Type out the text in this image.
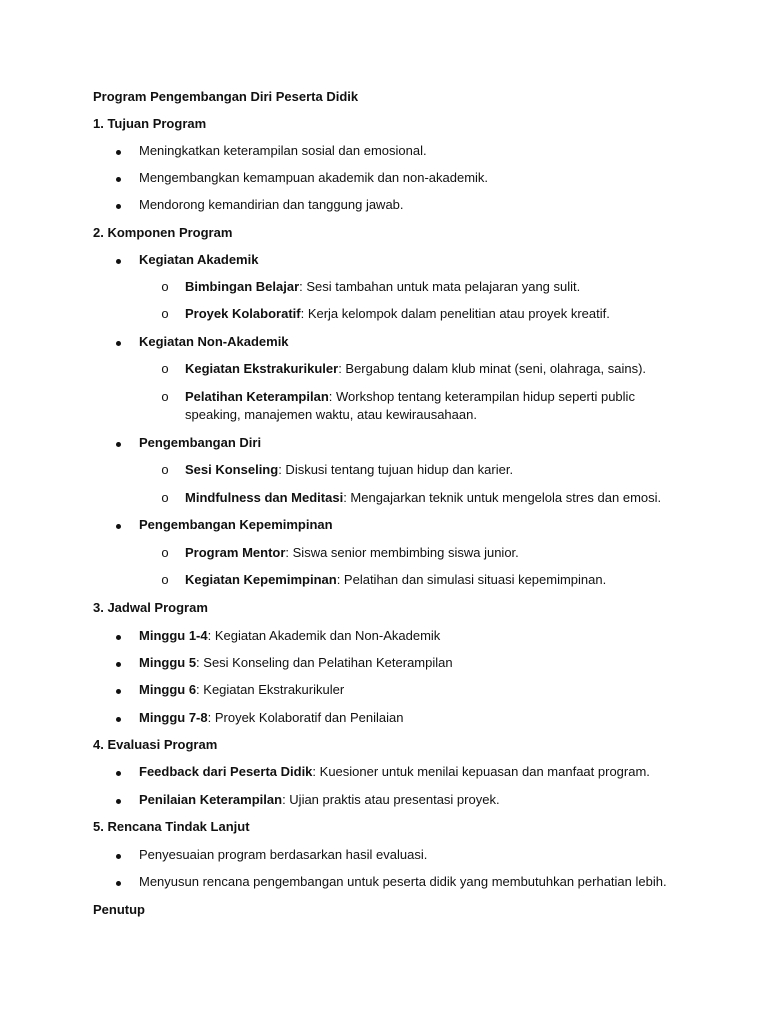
Program Pengembangan Diri Peserta Didik
1. Tujuan Program
Meningkatkan keterampilan sosial dan emosional.
Mengembangkan kemampuan akademik dan non-akademik.
Mendorong kemandirian dan tanggung jawab.
2. Komponen Program
Kegiatan Akademik
o Bimbingan Belajar: Sesi tambahan untuk mata pelajaran yang sulit.
o Proyek Kolaboratif: Kerja kelompok dalam penelitian atau proyek kreatif.
Kegiatan Non-Akademik
o Kegiatan Ekstrakurikuler: Bergabung dalam klub minat (seni, olahraga, sains).
o Pelatihan Keterampilan: Workshop tentang keterampilan hidup seperti public
speaking, manajemen waktu, atau kewirausahaan.
Pengembangan Diri
o Sesi Konseling: Diskusi tentang tujuan hidup dan karier.
o Mindfulness dan Meditasi: Mengajarkan teknik untuk mengelola stres dan emosi.
Pengembangan Kepemimpinan
o Program Mentor: Siswa senior membimbing siswa junior.
o Kegiatan Kepemimpinan: Pelatihan dan simulasi situasi kepemimpinan.
3. Jadwal Program
Minggu 1-4: Kegiatan Akademik dan Non-Akademik
Minggu 5: Sesi Konseling dan Pelatihan Keterampilan
Minggu 6: Kegiatan Ekstrakurikuler
Minggu 7-8: Proyek Kolaboratif dan Penilaian
4. Evaluasi Program
Feedback dari Peserta Didik: Kuesioner untuk menilai kepuasan dan manfaat program.
Penilaian Keterampilan: Ujian praktis atau presentasi proyek.
5. Rencana Tindak Lanjut
Penyesuaian program berdasarkan hasil evaluasi.
Menyusun rencana pengembangan untuk peserta didik yang membutuhkan perhatian lebih.
Penutup
